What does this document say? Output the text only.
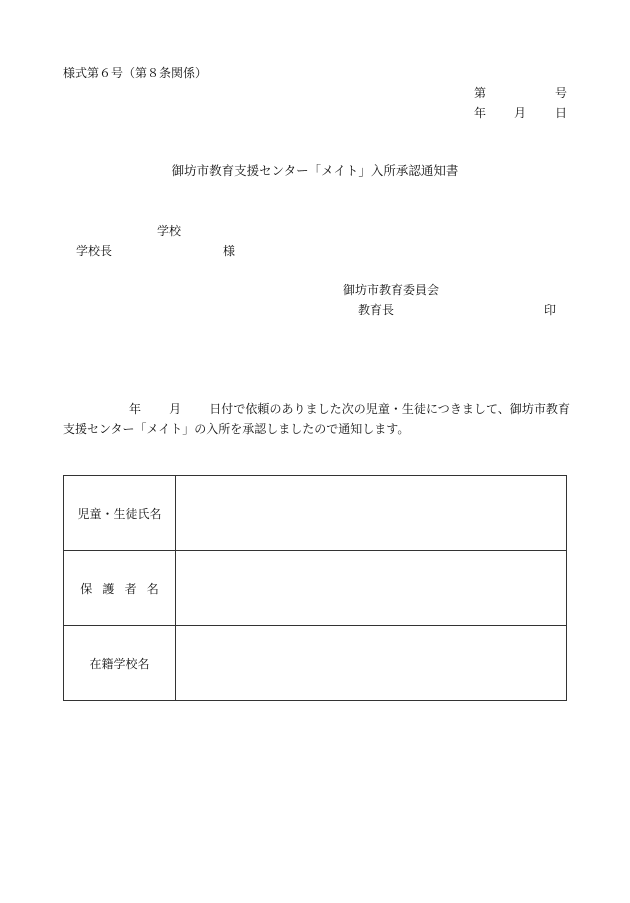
様式第６号（第８条関係）
第	号
年 月 日
御坊市教育支援センター「メイト」入所承認通知書
学校
学校長	様
御坊市教育委員会
教育長	印
年 月 日付で依頼のありました次の児童・生徒につきまして、御坊市教育支援センター「メイト」の入所を承認しましたので通知します。
児童・生徒氏名	
保護者名	
在籍学校名	
